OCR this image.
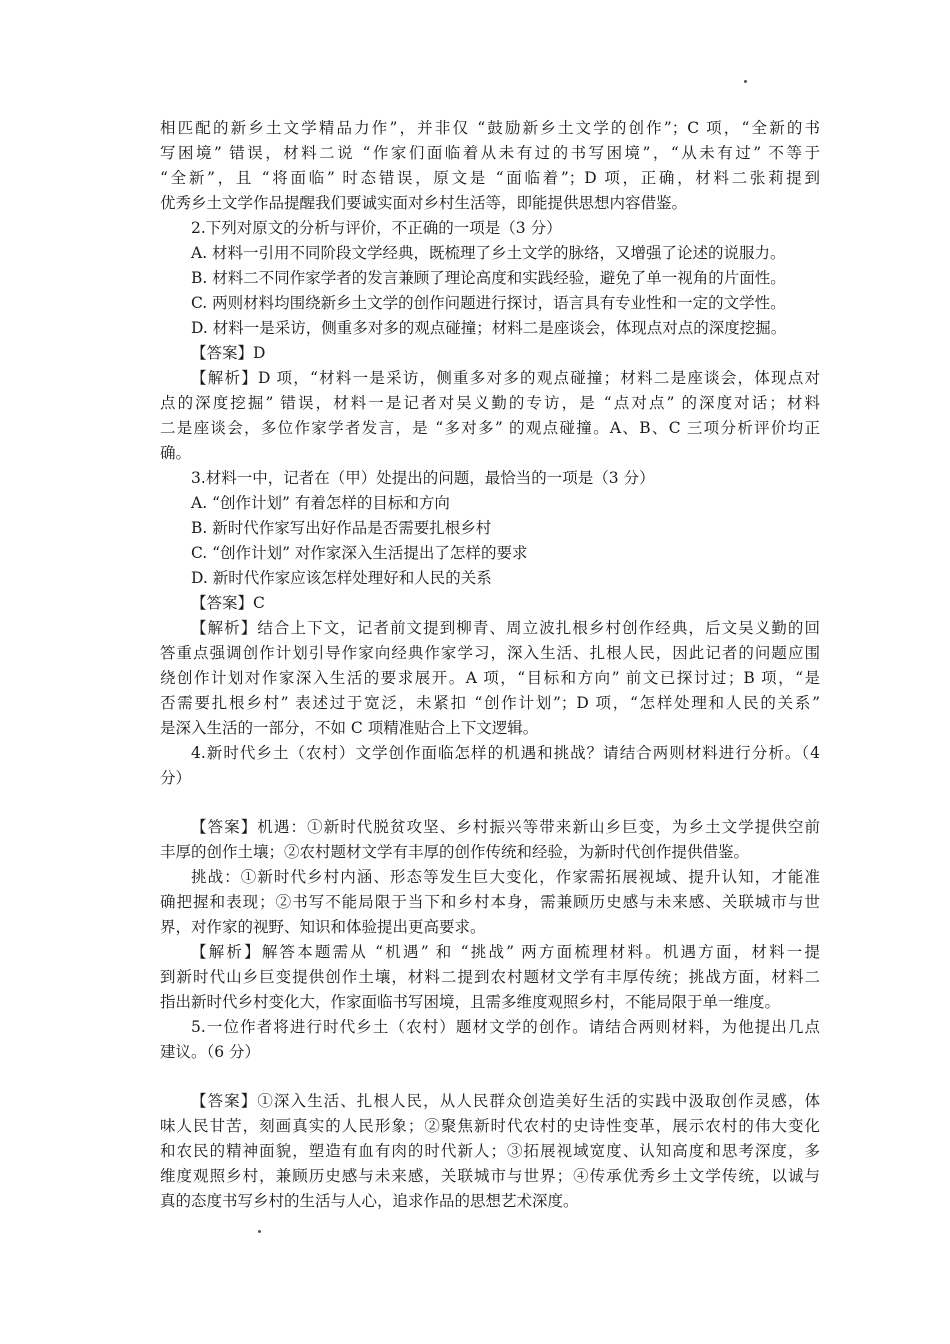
相匹配的新乡土文学精品力作”，并非仅 “鼓励新乡土文学的创作”；C 项，“全新的书
写困境” 错误，材料二说 “作家们面临着从未有过的书写困境”，“从未有过” 不等于
“全新”，且 “将面临” 时态错误，原文是 “面临着”；D 项，正确，材料二张莉提到
优秀乡土文学作品提醒我们要诚实面对乡村生活等，即能提供思想内容借鉴。
2.下列对原文的分析与评价，不正确的一项是（3 分）
A. 材料一引用不同阶段文学经典，既梳理了乡土文学的脉络，又增强了论述的说服力。
B. 材料二不同作家学者的发言兼顾了理论高度和实践经验，避免了单一视角的片面性。
C. 两则材料均围绕新乡土文学的创作问题进行探讨，语言具有专业性和一定的文学性。
D. 材料一是采访，侧重多对多的观点碰撞；材料二是座谈会，体现点对点的深度挖掘。
【答案】D
【解析】D 项，“材料一是采访，侧重多对多的观点碰撞；材料二是座谈会，体现点对
点的深度挖掘” 错误，材料一是记者对吴义勤的专访，是 “点对点” 的深度对话；材料
二是座谈会，多位作家学者发言，是 “多对多” 的观点碰撞。A、B、C 三项分析评价均正
确。
3.材料一中，记者在（甲）处提出的问题，最恰当的一项是（3 分）
A. “创作计划” 有着怎样的目标和方向
B. 新时代作家写出好作品是否需要扎根乡村
C. “创作计划” 对作家深入生活提出了怎样的要求
D. 新时代作家应该怎样处理好和人民的关系
【答案】C
【解析】结合上下文，记者前文提到柳青、周立波扎根乡村创作经典，后文吴义勤的回
答重点强调创作计划引导作家向经典作家学习，深入生活、扎根人民，因此记者的问题应围
绕创作计划对作家深入生活的要求展开。A 项，“目标和方向” 前文已探讨过；B 项，“是
否需要扎根乡村” 表述过于宽泛，未紧扣 “创作计划”；D 项，“怎样处理和人民的关系”
是深入生活的一部分，不如 C 项精准贴合上下文逻辑。
4.新时代乡土（农村）文学创作面临怎样的机遇和挑战？请结合两则材料进行分析。（4
分）
【答案】机遇：①新时代脱贫攻坚、乡村振兴等带来新山乡巨变，为乡土文学提供空前
丰厚的创作土壤；②农村题材文学有丰厚的创作传统和经验，为新时代创作提供借鉴。
挑战：①新时代乡村内涵、形态等发生巨大变化，作家需拓展视域、提升认知，才能准
确把握和表现；②书写不能局限于当下和乡村本身，需兼顾历史感与未来感、关联城市与世
界，对作家的视野、知识和体验提出更高要求。
【解析】解答本题需从 “机遇” 和 “挑战” 两方面梳理材料。机遇方面，材料一提
到新时代山乡巨变提供创作土壤，材料二提到农村题材文学有丰厚传统；挑战方面，材料二
指出新时代乡村变化大，作家面临书写困境，且需多维度观照乡村，不能局限于单一维度。
5.一位作者将进行时代乡土（农村）题材文学的创作。请结合两则材料，为他提出几点
建议。（6 分）
【答案】①深入生活、扎根人民，从人民群众创造美好生活的实践中汲取创作灵感，体
味人民甘苦，刻画真实的人民形象；②聚焦新时代农村的史诗性变革，展示农村的伟大变化
和农民的精神面貌，塑造有血有肉的时代新人；③拓展视域宽度、认知高度和思考深度，多
维度观照乡村，兼顾历史感与未来感，关联城市与世界；④传承优秀乡土文学传统，以诚与
真的态度书写乡村的生活与人心，追求作品的思想艺术深度。
